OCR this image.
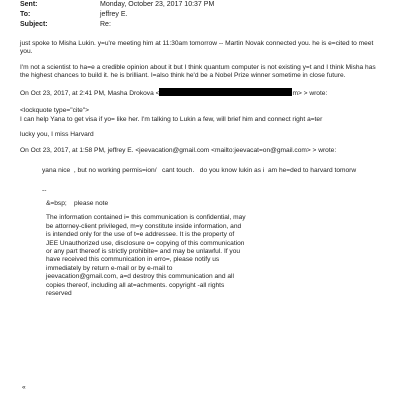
Sent:	Monday, October 23, 2017 10:37 PM
To:	jeffrey E.
Subject:	Re:

just spoke to Misha Lukin. y=u're meeting him at 11:30am tomorrow -- Martin Novak connected you. he is e=cited to meet you.

I'm not a scientist to ha=e a credible opinion about it but I think quantum computer is not existing y=t and I think Misha has the highest chances to build it. he is brilliant. I=also think he'd be a Nobel Prize winner sometime in close future.

On Oct 23, 2017, at 2:41 PM, Masha Drokova <	m> > wrote:

<lockquote type="cite">

I can help Yana to get visa if yo= like her. I'm talking to Lukin a few, will brief him and connect right a=ter

lucky you, I miss Harvard

On Oct 23, 2017, at 1:58 PM, jeffrey E. <jeevacation@gmail.com <mailto:jeevacat=on@gmail.com> > wrote:

yana nice  , but no working permis=ion/   cant touch.   do you know lukin as i  am he=ded to harvard tomorw

--

&=bsp;    please note

The information contained i= this communication is confidential, may be attorney-client privileged, m=y constitute inside information, and is intended only for the use of t=e addressee. It is the property of JEE Unauthorized use, disclosure o= copying of this communication or any part thereof is strictly prohibite= and may be unlawful. If you have received this communication in erro=, please notify us immediately by return e-mail or by e-mail to jeevacation@gmail.com, a=d destroy this communication and all copies thereof, including all at=achments. copyright -all rights reserved

«
